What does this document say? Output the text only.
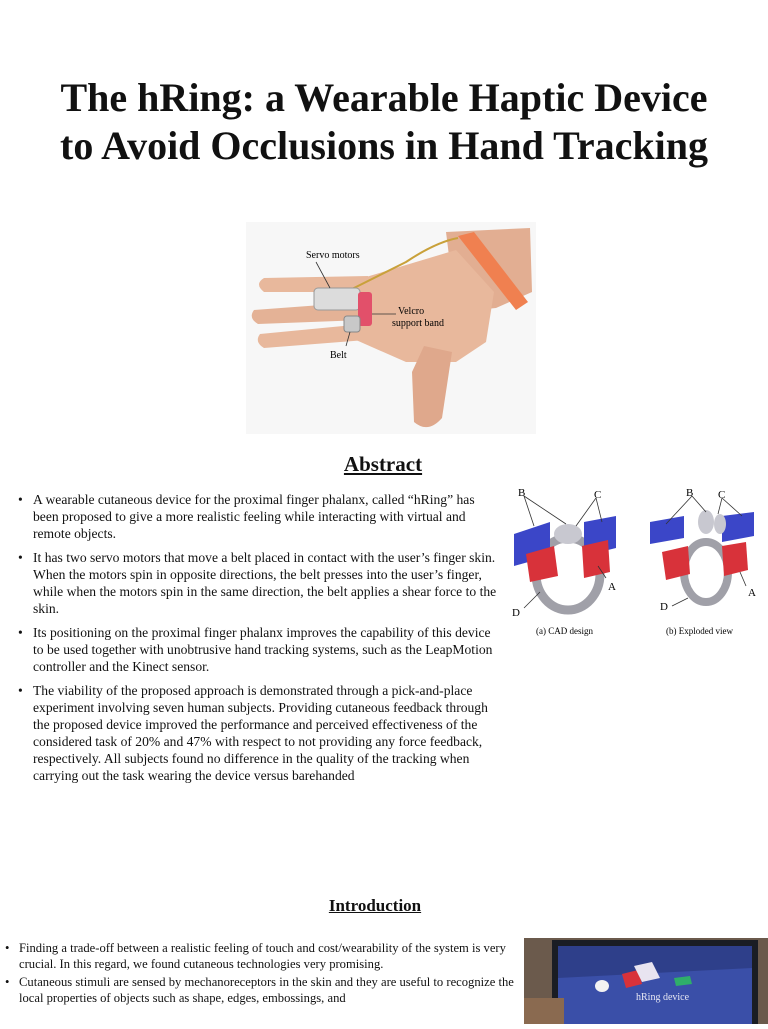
The hRing: a Wearable Haptic Device to Avoid Occlusions in Hand Tracking
Servo motors
Velcro
support band
Belt
Abstract
• A wearable cutaneous device for the proximal finger phalanx, called “hRing” has been proposed to give a more realistic feeling while interacting with virtual and remote objects.
• It has two servo motors that move a belt placed in contact with the user’s finger skin. When the motors spin in opposite directions, the belt presses into the user’s finger, while when the motors spin in the same direction, the belt applies a shear force to the skin.
• Its positioning on the proximal finger phalanx improves the capability of this device to be used together with unobtrusive hand tracking systems, such as the LeapMotion controller and the Kinect sensor.
• The viability of the proposed approach is demonstrated through a pick-and-place experiment involving seven human subjects. Providing cutaneous feedback through the proposed device improved the performance and perceived effectiveness of the considered task of 20% and 47% with respect to not providing any force feedback, respectively. All subjects found no difference in the quality of the tracking when carrying out the task wearing the device versus barehanded
B	C
A
D
B C
A
D
(a) CAD design	(b) Exploded view
Introduction
• Finding a trade-off between a realistic feeling of touch and cost/wearability of the system is very crucial. In this regard, we found cutaneous technologies very promising.
• Cutaneous stimuli are sensed by mechanoreceptors in the skin and they are useful to recognize the local properties of objects such as shape, edges, embossings, and	hRing device
